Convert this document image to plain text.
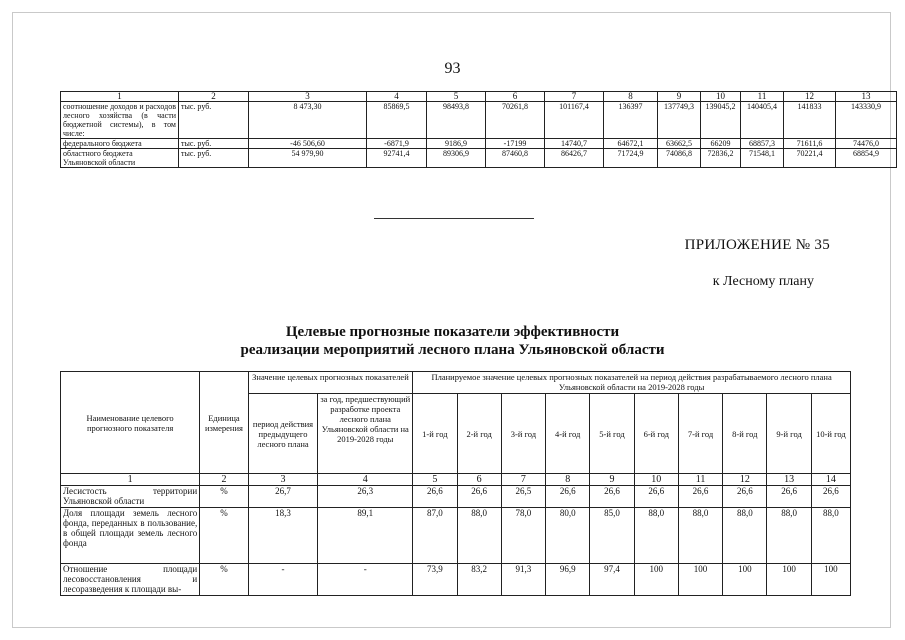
93
1	2	3	4	5	6	7	8	9	10	11	12	13
соотношение доходов и расходов лесного хозяйства (в части бюджетной системы), в том числе:	тыс. руб.	8 473,30	85869,5	98493,8	70261,8	101167,4	136397	137749,3	139045,2	140405,4	141833	143330,9
федерального бюджета	тыс. руб.	-46 506,60	-6871,9	9186,9	-17199	14740,7	64672,1	63662,5	66209	68857,3	71611,6	74476,0
областного бюджета Ульяновской области	тыс. руб.	54 979,90	92741,4	89306,9	87460,8	86426,7	71724,9	74086,8	72836,2	71548,1	70221,4	68854,9
ПРИЛОЖЕНИЕ № 35
к Лесному плану
Целевые прогнозные показатели эффективности
реализации мероприятий лесного плана Ульяновской области
Наименование целевого прогнозного показателя	Единица измерения	Значение целевых прогнозных показателей		Планируемое значение целевых прогнозных показателей на период действия разрабатываемого лесного плана Ульяновской области на 2019-2028 годы									
		период действия предыдущего лесного плана	за год, предшествующий разработке проекта лесного плана Ульяновской области на 2019-2028 годы	1-й год	2-й год	3-й год	4-й год	5-й год	6-й год	7-й год	8-й год	9-й год	10-й год
1	2	3	4	5	6	7	8	9	10	11	12	13	14
Лесистость территории Ульяновской области	%	26,7	26,3	26,6	26,6	26,5	26,6	26,6	26,6	26,6	26,6	26,6	26,6
Доля площади земель лесного фонда, переданных в пользование, в общей площади земель лесного фонда	%	18,3	89,1	87,0	88,0	78,0	80,0	85,0	88,0	88,0	88,0	88,0	88,0
Отношение площади лесовосстановления и лесоразведения к площади вы-	%	-	-	73,9	83,2	91,3	96,9	97,4	100	100	100	100	100
